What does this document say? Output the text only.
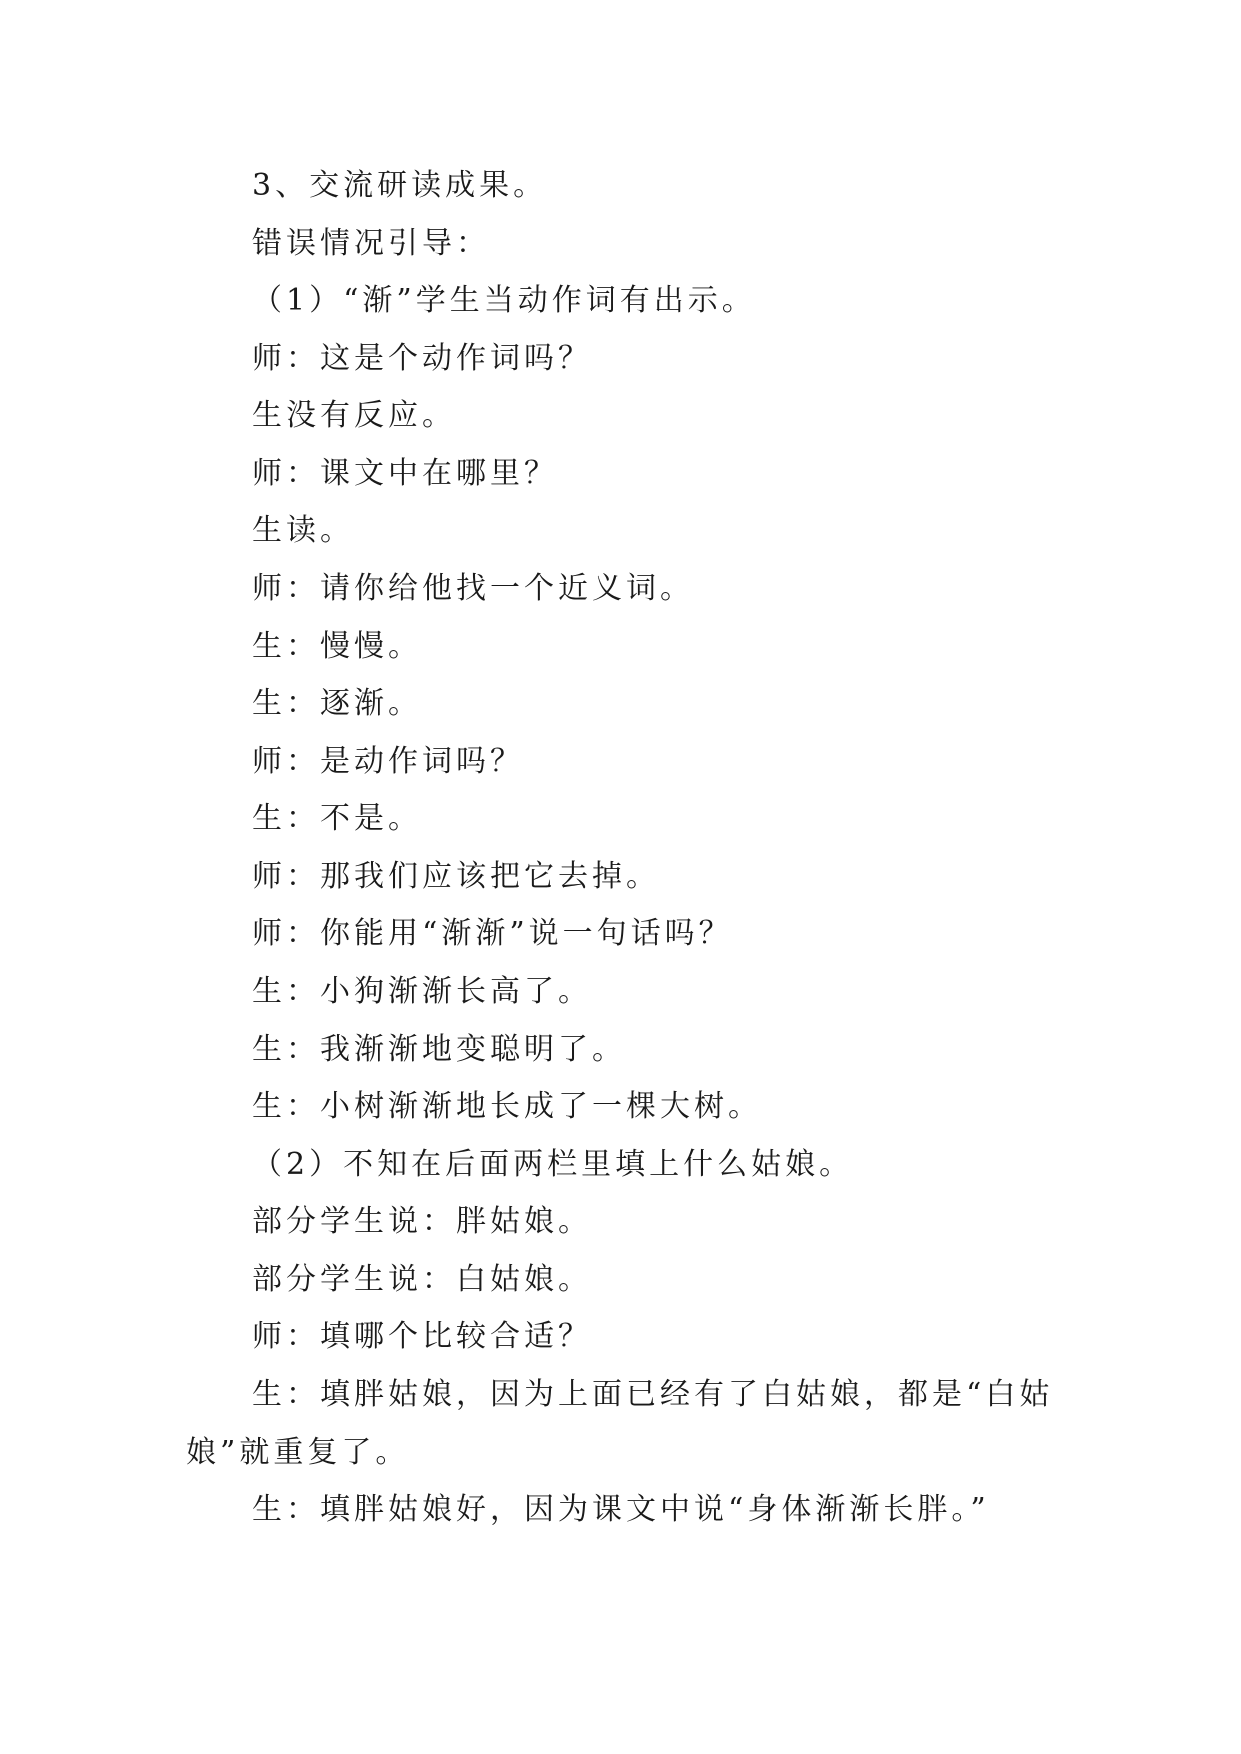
3、交流研读成果。
错误情况引导：
（1）“渐”学生当动作词有出示。
师：这是个动作词吗？
生没有反应。
师：课文中在哪里？
生读。
师：请你给他找一个近义词。
生：慢慢。
生：逐渐。
师：是动作词吗？
生：不是。
师：那我们应该把它去掉。
师：你能用“渐渐”说一句话吗？
生：小狗渐渐长高了。
生：我渐渐地变聪明了。
生：小树渐渐地长成了一棵大树。
（2）不知在后面两栏里填上什么姑娘。
部分学生说：胖姑娘。
部分学生说：白姑娘。
师：填哪个比较合适？
生：填胖姑娘，因为上面已经有了白姑娘，都是“白姑
娘”就重复了。
生：填胖姑娘好，因为课文中说“身体渐渐长胖。”
